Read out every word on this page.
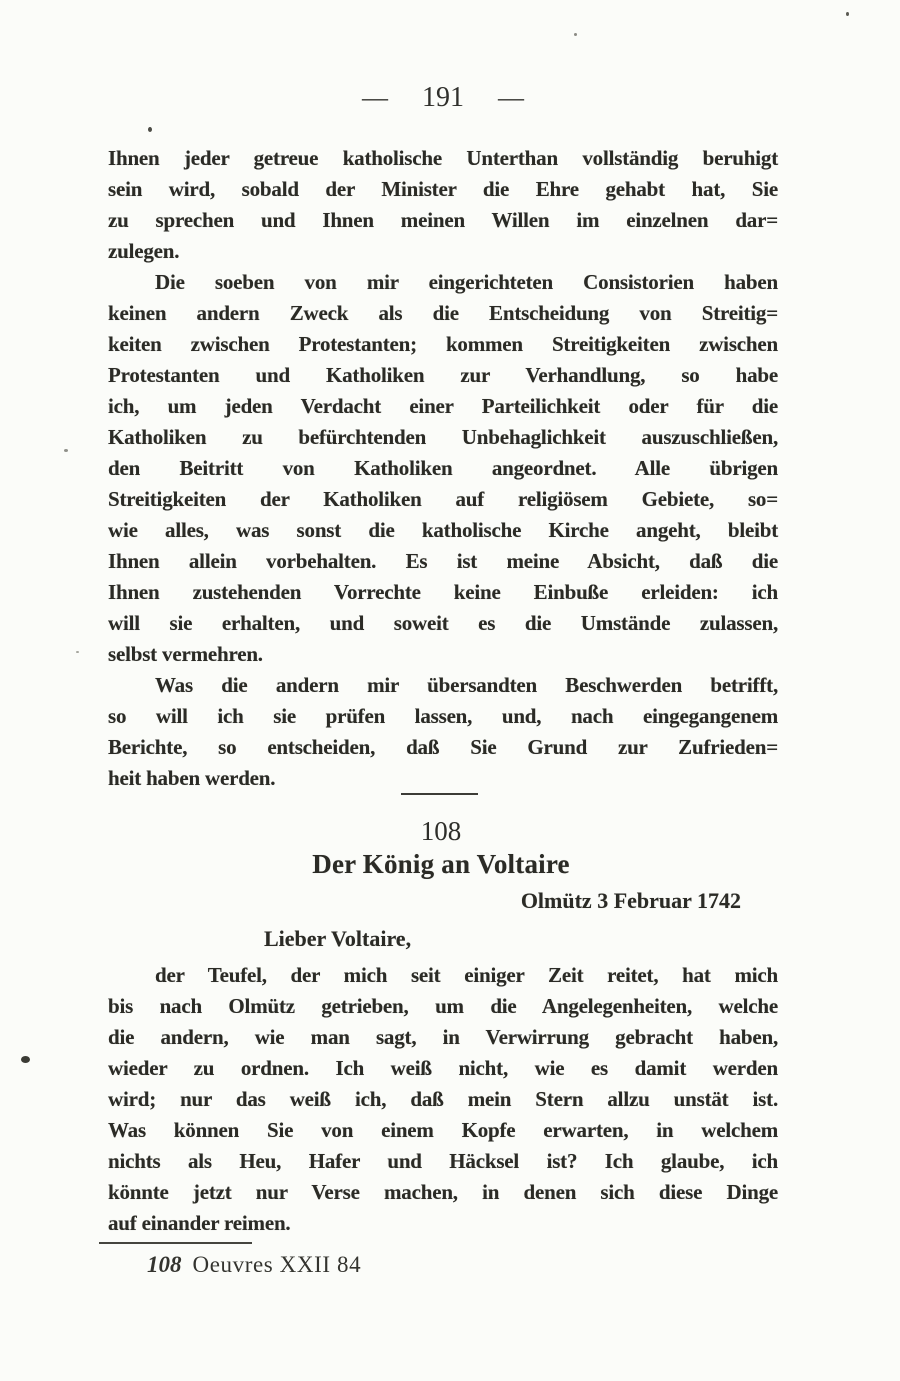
— 191 —
Ihnen jeder getreue katholische Unterthan vollständig beruhigt
sein wird, sobald der Minister die Ehre gehabt hat, Sie
zu sprechen und Ihnen meinen Willen im einzelnen dar=
zulegen.
Die soeben von mir eingerichteten Consistorien haben
keinen andern Zweck als die Entscheidung von Streitig=
keiten zwischen Protestanten; kommen Streitigkeiten zwischen
Protestanten und Katholiken zur Verhandlung, so habe
ich, um jeden Verdacht einer Parteilichkeit oder für die
Katholiken zu befürchtenden Unbehaglichkeit auszuschließen,
den Beitritt von Katholiken angeordnet. Alle übrigen
Streitigkeiten der Katholiken auf religiösem Gebiete, so=
wie alles, was sonst die katholische Kirche angeht, bleibt
Ihnen allein vorbehalten. Es ist meine Absicht, daß die
Ihnen zustehenden Vorrechte keine Einbuße erleiden: ich
will sie erhalten, und soweit es die Umstände zulassen,
selbst vermehren.
Was die andern mir übersandten Beschwerden betrifft,
so will ich sie prüfen lassen, und, nach eingegangenem
Berichte, so entscheiden, daß Sie Grund zur Zufrieden=
heit haben werden.
108
Der König an Voltaire
Olmütz 3 Februar 1742
Lieber Voltaire,
der Teufel, der mich seit einiger Zeit reitet, hat mich
bis nach Olmütz getrieben, um die Angelegenheiten, welche
die andern, wie man sagt, in Verwirrung gebracht haben,
wieder zu ordnen. Ich weiß nicht, wie es damit werden
wird; nur das weiß ich, daß mein Stern allzu unstät ist.
Was können Sie von einem Kopfe erwarten, in welchem
nichts als Heu, Hafer und Häcksel ist? Ich glaube, ich
könnte jetzt nur Verse machen, in denen sich diese Dinge
auf einander reimen.
108 Oeuvres XXII 84
